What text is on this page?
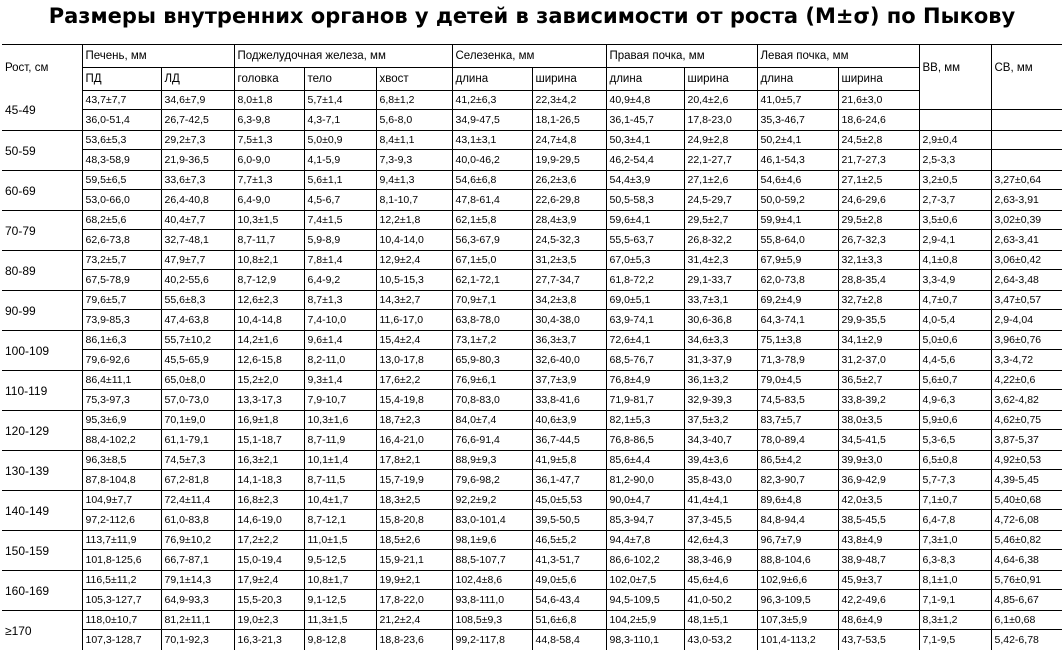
Размеры внутренних органов у детей в зависимости от роста (M±σ) по Пыкову
Рост, см	Печень, мм		Поджелудочная железа, мм			Селезенка, мм		Правая почка, мм		Левая почка, мм		ВВ, мм	СВ, мм
	ПД	ЛД	головка	тело	хвост	длина	ширина	длина	ширина	длина	ширина		
45-49	43,7±7,7	34,6±7,9	8,0±1,8	5,7±1,4	6,8±1,2	41,2±6,3	22,3±4,2	40,9±4,8	20,4±2,6	41,0±5,7	21,6±3,0		
	36,0-51,4	26,7-42,5	6,3-9,8	4,3-7,1	5,6-8,0	34,9-47,5	18,1-26,5	36,1-45,7	17,8-23,0	35,3-46,7	18,6-24,6		
50-59	53,6±5,3	29,2±7,3	7,5±1,3	5,0±0,9	8,4±1,1	43,1±3,1	24,7±4,8	50,3±4,1	24,9±2,8	50,2±4,1	24,5±2,8	2,9±0,4	
	48,3-58,9	21,9-36,5	6,0-9,0	4,1-5,9	7,3-9,3	40,0-46,2	19,9-29,5	46,2-54,4	22,1-27,7	46,1-54,3	21,7-27,3	2,5-3,3	
60-69	59,5±6,5	33,6±7,3	7,7±1,3	5,6±1,1	9,4±1,3	54,6±6,8	26,2±3,6	54,4±3,9	27,1±2,6	54,6±4,6	27,1±2,5	3,2±0,5	3,27±0,64
	53,0-66,0	26,4-40,8	6,4-9,0	4,5-6,7	8,1-10,7	47,8-61,4	22,6-29,8	50,5-58,3	24,5-29,7	50,0-59,2	24,6-29,6	2,7-3,7	2,63-3,91
70-79	68,2±5,6	40,4±7,7	10,3±1,5	7,4±1,5	12,2±1,8	62,1±5,8	28,4±3,9	59,6±4,1	29,5±2,7	59,9±4,1	29,5±2,8	3,5±0,6	3,02±0,39
	62,6-73,8	32,7-48,1	8,7-11,7	5,9-8,9	10,4-14,0	56,3-67,9	24,5-32,3	55,5-63,7	26,8-32,2	55,8-64,0	26,7-32,3	2,9-4,1	2,63-3,41
80-89	73,2±5,7	47,9±7,7	10,8±2,1	7,8±1,4	12,9±2,4	67,1±5,0	31,2±3,5	67,0±5,3	31,4±2,3	67,9±5,9	32,1±3,3	4,1±0,8	3,06±0,42
	67,5-78,9	40,2-55,6	8,7-12,9	6,4-9,2	10,5-15,3	62,1-72,1	27,7-34,7	61,8-72,2	29,1-33,7	62,0-73,8	28,8-35,4	3,3-4,9	2,64-3,48
90-99	79,6±5,7	55,6±8,3	12,6±2,3	8,7±1,3	14,3±2,7	70,9±7,1	34,2±3,8	69,0±5,1	33,7±3,1	69,2±4,9	32,7±2,8	4,7±0,7	3,47±0,57
	73,9-85,3	47,4-63,8	10,4-14,8	7,4-10,0	11,6-17,0	63,8-78,0	30,4-38,0	63,9-74,1	30,6-36,8	64,3-74,1	29,9-35,5	4,0-5,4	2,9-4,04
100-109	86,1±6,3	55,7±10,2	14,2±1,6	9,6±1,4	15,4±2,4	73,1±7,2	36,3±3,7	72,6±4,1	34,6±3,3	75,1±3,8	34,1±2,9	5,0±0,6	3,96±0,76
	79,6-92,6	45,5-65,9	12,6-15,8	8,2-11,0	13,0-17,8	65,9-80,3	32,6-40,0	68,5-76,7	31,3-37,9	71,3-78,9	31,2-37,0	4,4-5,6	3,3-4,72
110-119	86,4±11,1	65,0±8,0	15,2±2,0	9,3±1,4	17,6±2,2	76,9±6,1	37,7±3,9	76,8±4,9	36,1±3,2	79,0±4,5	36,5±2,7	5,6±0,7	4,22±0,6
	75,3-97,3	57,0-73,0	13,3-17,3	7,9-10,7	15,4-19,8	70,8-83,0	33,8-41,6	71,9-81,7	32,9-39,3	74,5-83,5	33,8-39,2	4,9-6,3	3,62-4,82
120-129	95,3±6,9	70,1±9,0	16,9±1,8	10,3±1,6	18,7±2,3	84,0±7,4	40,6±3,9	82,1±5,3	37,5±3,2	83,7±5,7	38,0±3,5	5,9±0,6	4,62±0,75
	88,4-102,2	61,1-79,1	15,1-18,7	8,7-11,9	16,4-21,0	76,6-91,4	36,7-44,5	76,8-86,5	34,3-40,7	78,0-89,4	34,5-41,5	5,3-6,5	3,87-5,37
130-139	96,3±8,5	74,5±7,3	16,3±2,1	10,1±1,4	17,8±2,1	88,9±9,3	41,9±5,8	85,6±4,4	39,4±3,6	86,5±4,2	39,9±3,0	6,5±0,8	4,92±0,53
	87,8-104,8	67,2-81,8	14,1-18,3	8,7-11,5	15,7-19,9	79,6-98,2	36,1-47,7	81,2-90,0	35,8-43,0	82,3-90,7	36,9-42,9	5,7-7,3	4,39-5,45
140-149	104,9±7,7	72,4±11,4	16,8±2,3	10,4±1,7	18,3±2,5	92,2±9,2	45,0±5,53	90,0±4,7	41,4±4,1	89,6±4,8	42,0±3,5	7,1±0,7	5,40±0,68
	97,2-112,6	61,0-83,8	14,6-19,0	8,7-12,1	15,8-20,8	83,0-101,4	39,5-50,5	85,3-94,7	37,3-45,5	84,8-94,4	38,5-45,5	6,4-7,8	4,72-6,08
150-159	113,7±11,9	76,9±10,2	17,2±2,2	11,0±1,5	18,5±2,6	98,1±9,6	46,5±5,2	94,4±7,8	42,6±4,3	96,7±7,9	43,8±4,9	7,3±1,0	5,46±0,82
	101,8-125,6	66,7-87,1	15,0-19,4	9,5-12,5	15,9-21,1	88,5-107,7	41,3-51,7	86,6-102,2	38,3-46,9	88,8-104,6	38,9-48,7	6,3-8,3	4,64-6,38
160-169	116,5±11,2	79,1±14,3	17,9±2,4	10,8±1,7	19,9±2,1	102,4±8,6	49,0±5,6	102,0±7,5	45,6±4,6	102,9±6,6	45,9±3,7	8,1±1,0	5,76±0,91
	105,3-127,7	64,9-93,3	15,5-20,3	9,1-12,5	17,8-22,0	93,8-111,0	54,6-43,4	94,5-109,5	41,0-50,2	96,3-109,5	42,2-49,6	7,1-9,1	4,85-6,67
≥170	118,0±10,7	81,2±11,1	19,0±2,3	11,3±1,5	21,2±2,4	108,5±9,3	51,6±6,8	104,2±5,9	48,1±5,1	107,3±5,9	48,6±4,9	8,3±1,2	6,1±0,68
	107,3-128,7	70,1-92,3	16,3-21,3	9,8-12,8	18,8-23,6	99,2-117,8	44,8-58,4	98,3-110,1	43,0-53,2	101,4-113,2	43,7-53,5	7,1-9,5	5,42-6,78
